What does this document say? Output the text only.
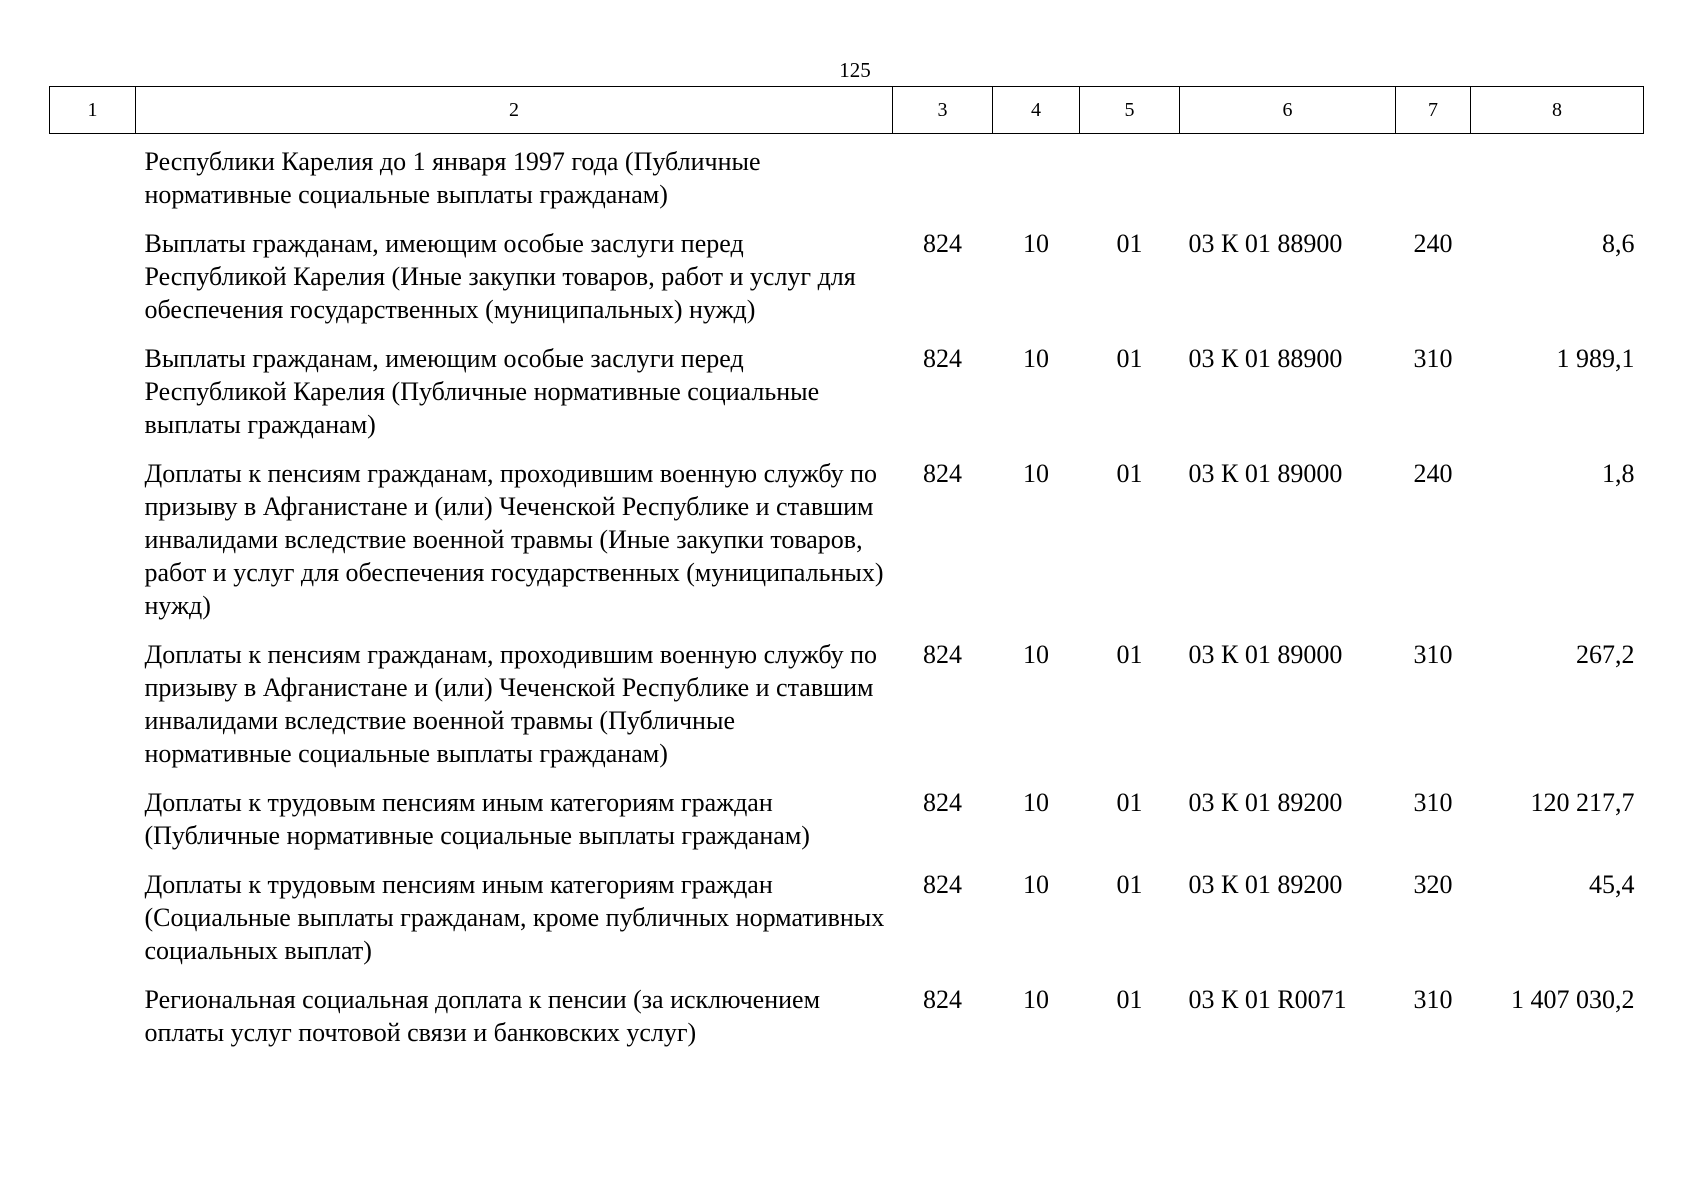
125
1	2	3	4	5	6	7	8
	Республики Карелия до 1 января 1997 года (Публичные нормативные социальные выплаты гражданам)						
	Выплаты гражданам, имеющим особые заслуги перед Республикой Карелия (Иные закупки товаров, работ и услуг для обеспечения государственных (муниципальных) нужд)	824	10	01	03 К 01 88900	240	8,6
	Выплаты гражданам, имеющим особые заслуги перед Республикой Карелия (Публичные нормативные социальные выплаты гражданам)	824	10	01	03 К 01 88900	310	1 989,1
	Доплаты к пенсиям гражданам, проходившим военную службу по призыву в Афганистане и (или) Чеченской Республике и ставшим инвалидами вследствие военной травмы (Иные закупки товаров, работ и услуг для обеспечения государственных (муниципальных) нужд)	824	10	01	03 К 01 89000	240	1,8
	Доплаты к пенсиям гражданам, проходившим военную службу по призыву в Афганистане и (или) Чеченской Республике и ставшим инвалидами вследствие военной травмы (Публичные нормативные социальные выплаты гражданам)	824	10	01	03 К 01 89000	310	267,2
	Доплаты к трудовым пенсиям иным категориям граждан (Публичные нормативные социальные выплаты гражданам)	824	10	01	03 К 01 89200	310	120 217,7
	Доплаты к трудовым пенсиям иным категориям граждан (Социальные выплаты гражданам, кроме публичных нормативных социальных выплат)	824	10	01	03 К 01 89200	320	45,4
	Региональная социальная доплата к пенсии (за исключением оплаты услуг почтовой связи и банковских услуг)	824	10	01	03 К 01 R0071	310	1 407 030,2
